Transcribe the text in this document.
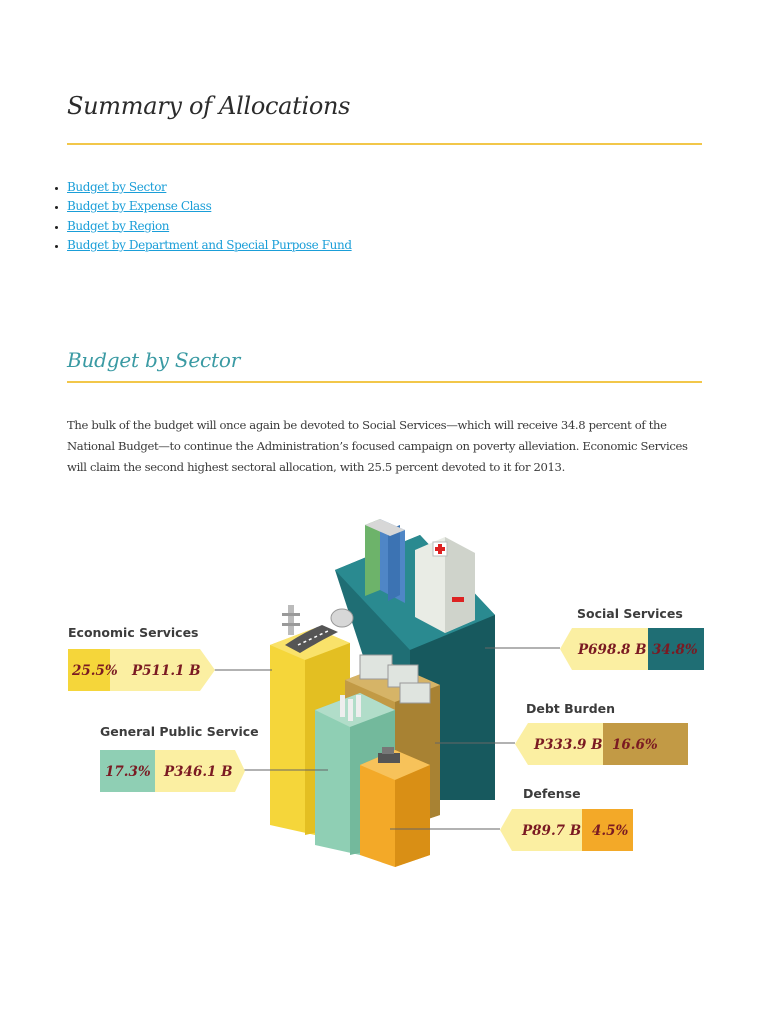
Summary of Allocations
• Budget by Sector
• Budget by Expense Class
• Budget by Region
• Budget by Department and Special Purpose Fund
Budget by Sector

The bulk of the budget will once again be devoted to Social Services—which will receive 34.8 percent of the National Budget—to continue the Administration’s focused campaign on poverty alleviation. Economic Services will claim the second highest sectoral allocation, with 25.5 percent devoted to it for 2013.

Economic Services
25.5% P511.1 B
General Public Service
17.3% P346.1 B
Social Services
P698.8 B 34.8%
Debt Burden
P333.9 B 16.6%
Defense
P89.7 B 4.5%
